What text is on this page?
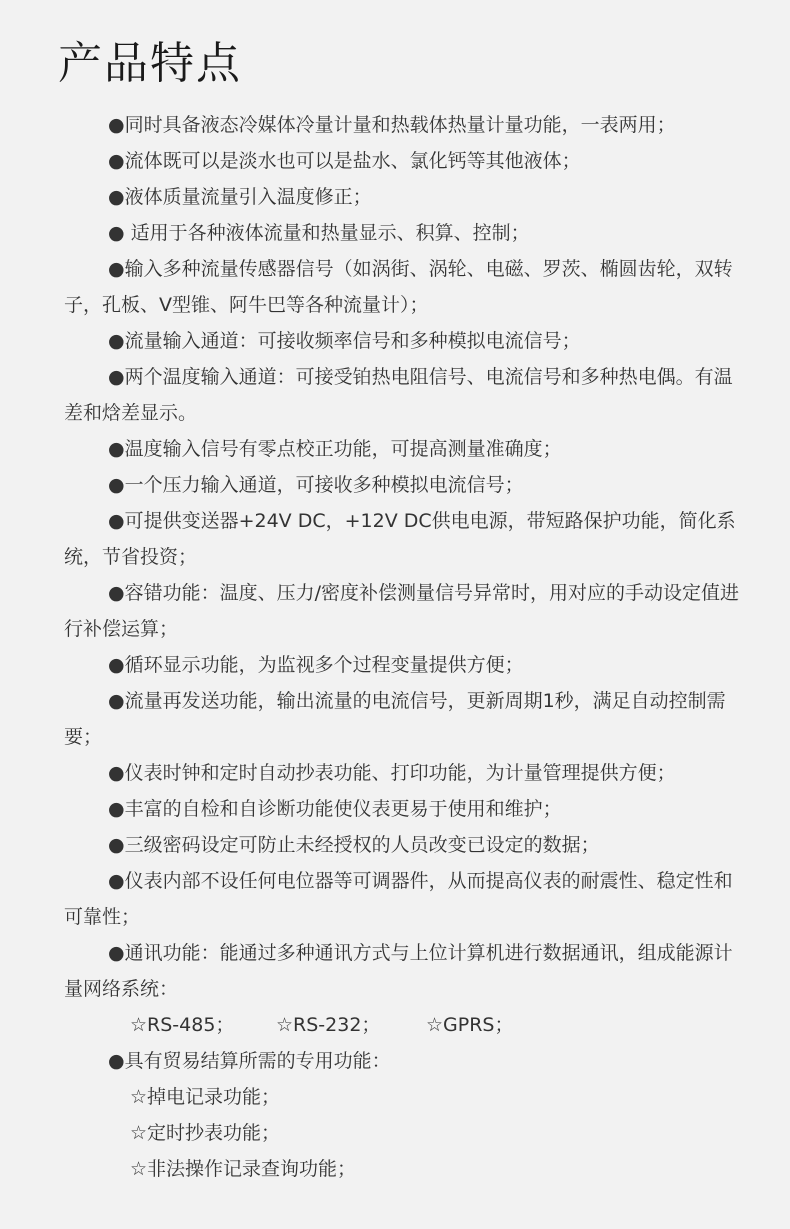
产品特点
●同时具备液态冷媒体冷量计量和热载体热量计量功能，一表两用；
●流体既可以是淡水也可以是盐水、氯化钙等其他液体；
●液体质量流量引入温度修正；
● 适用于各种液体流量和热量显示、积算、控制；
●输入多种流量传感器信号（如涡街、涡轮、电磁、罗茨、椭圆齿轮，双转子，孔板、V型锥、阿牛巴等各种流量计）；
●流量输入通道：可接收频率信号和多种模拟电流信号；
●两个温度输入通道：可接受铂热电阻信号、电流信号和多种热电偶。有温差和焓差显示。
●温度输入信号有零点校正功能，可提高测量准确度；
●一个压力输入通道，可接收多种模拟电流信号；
●可提供变送器+24V DC，+12V DC供电电源，带短路保护功能，简化系统，节省投资；
●容错功能：温度、压力/密度补偿测量信号异常时，用对应的手动设定值进行补偿运算；
●循环显示功能，为监视多个过程变量提供方便；
●流量再发送功能，输出流量的电流信号，更新周期1秒，满足自动控制需要；
●仪表时钟和定时自动抄表功能、打印功能，为计量管理提供方便；
●丰富的自检和自诊断功能使仪表更易于使用和维护；
●三级密码设定可防止未经授权的人员改变已设定的数据；
●仪表内部不设任何电位器等可调器件，从而提高仪表的耐震性、稳定性和可靠性；
●通讯功能：能通过多种通讯方式与上位计算机进行数据通讯，组成能源计量网络系统：
☆RS-485； ☆RS-232； ☆GPRS；
●具有贸易结算所需的专用功能：
☆掉电记录功能；
☆定时抄表功能；
☆非法操作记录查询功能；
